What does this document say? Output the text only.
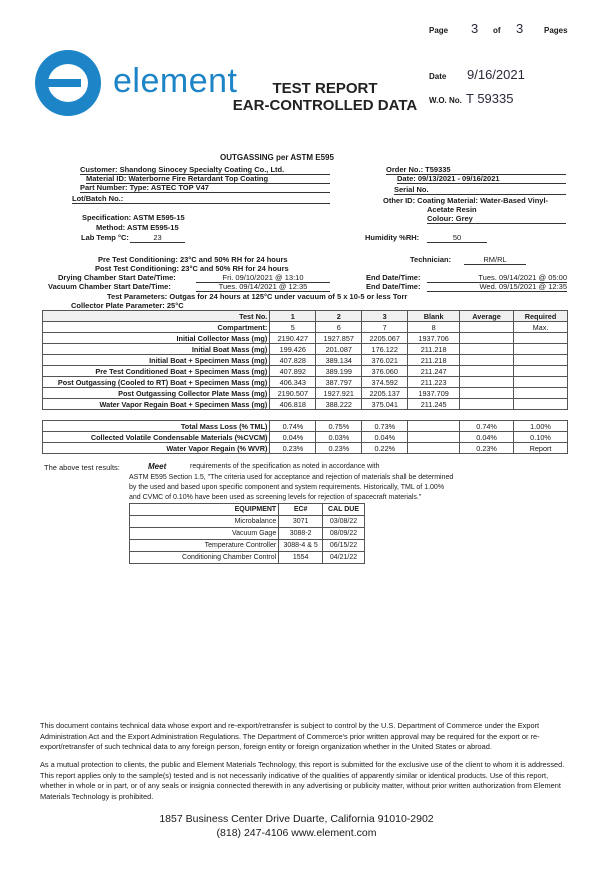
element	TEST REPORT
EAR-CONTROLLED DATA
Page 3 of 3	Pages
Date 9/16/2021
W.O. No. T 59335
OUTGASSING per ASTM E595
Customer: Shandong Sinocey Specialty Coating Co., Ltd.
Material ID: Waterborne Fire Retardant Top Coating
Part Number: Type: ASTEC TOP V47
Lot/Batch No.:
Specification: ASTM E595-15
Method: ASTM E595-15
Lab Temp °C:	23
Order No.: T59335
Date: 09/13/2021 - 09/16/2021
Serial No.
Other ID: Coating Material: Water-Based Vinyl-
Acetate Resin
Colour: Grey
Humidity %RH:	50
Pre Test Conditioning: 23°C and 50% RH for 24 hours
Post Test Conditioning: 23°C and 50% RH for 24 hours
Technician:	RM/RL
Drying Chamber Start Date/Time:	Fri. 09/10/2021 @ 13:10
Vacuum Chamber Start Date/Time:	Tues. 09/14/2021 @ 12:35
End Date/Time:	Tues. 09/14/2021 @ 05:00
End Date/Time:	Wed. 09/15/2021 @ 12:35
Test Parameters: Outgas for 24 hours at 125°C under vacuum of 5 x 10-5 or less Torr
Collector Plate Parameter: 25°C
Test No.	1	2	3	Blank	Average	Required
Compartment:	5	6	7	8		Max.
Initial Collector Mass (mg)	2190.427	1927.857	2205.067	1937.706		
Initial Boat Mass (mg)	199.426	201.087	176.122	211.218		
Initial Boat + Specimen Mass (mg)	407.828	389.134	376.021	211.218		
Pre Test Conditioned Boat + Specimen Mass (mg)	407.892	389.199	376.060	211.247		
Post Outgassing (Cooled to RT) Boat + Specimen Mass (mg)	406.343	387.797	374.592	211.223		
Post Outgassing Collector Plate Mass (mg)	2190.507	1927.921	2205.137	1937.709		
Water Vapor Regain Boat + Specimen Mass (mg)	406.818	388.222	375.041	211.245		
Total Mass Loss (% TML)	0.74%	0.75%	0.73%		0.74%	1.00%
Collected Volatile Condensable Materials (%CVCM)	0.04%	0.03%	0.04%		0.04%	0.10%
Water Vapor Regain (% WVR)	0.23%	0.23%	0.22%		0.23%	Report
The above test results:	Meet	requirements of the specification as noted in accordance with
ASTM E595 Section 1.5, "The criteria used for acceptance and rejection of materials shall be determined
by the used and based upon specific component and system requirements. Historically, TML of 1.00%
and CVMC of 0.10% have been used as screening levels for rejection of spacecraft materials."
EQUIPMENT	EC#	CAL DUE
Microbalance	3071	03/08/22
Vacuum Gage	3088-2	08/09/22
Temperature Controller	3088-4 & 5	06/15/22
Conditioning Chamber Control	1554	04/21/22
This document contains technical data whose export and re-export/retransfer is subject to control by the U.S. Department of Commerce under the Export Administration Act and the Export Administration Regulations. The Department of Commerce's prior written approval may be required for the export or re-export/retransfer of such technical data to any foreign person, foreign entity or foreign organization whether in the United States or abroad.
As a mutual protection to clients, the public and Element Materials Technology, this report is submitted for the exclusive use of the client to whom it is addressed. This report applies only to the sample(s) tested and is not necessarily indicative of the qualities of apparently similar or identical products. Use of this report, whether in whole or in part, or of any seals or insignia connected therewith in any advertising or publicity matter, without prior written authorization from Element Materials Technology is prohibited.
1857 Business Center Drive Duarte, California 91010-2902
(818) 247-4106 www.element.com
